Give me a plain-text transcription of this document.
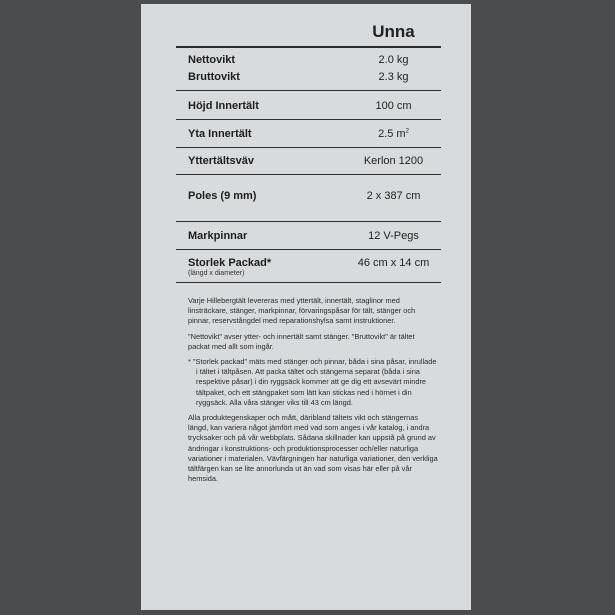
Unna
Nettovikt	2.0 kg
Bruttovikt	2.3 kg
Höjd Innertält	100 cm
Yta Innertält	2.5 $m^2$
Yttertältsväv	Kerlon 1200
Poles (9 mm)	2 x 387 cm
Markpinnar	12 V-Pegs
Storlek Packad*	46 cm x 14 cm
(längd x diameter)

Varje Hillebergtält levereras med yttertält, innertält, staglinor med linsträckare, stänger, markpinnar, förvaringspåsar för tält, stänger och pinnar, reservstångdel med reparationshylsa samt instruktioner.

"Nettovikt" avser ytter- och innertält samt stänger. "Bruttovikt" är tältet packat med allt som ingår.

* "Storlek packad" mäts med stänger och pinnar, båda i sina påsar, inrullade i tältet i tältpåsen. Att packa tältet och stängerna separat (båda i sina respektive påsar) i din ryggsäck kommer att ge dig ett avsevärt mindre tältpaket, och ett stängpaket som lätt kan stickas ned i hörnet i din ryggsäck. Alla våra stänger viks till 43 cm längd.

Alla produktegenskaper och mått, däribland tältets vikt och stängernas längd, kan variera något jämfört med vad som anges i vår katalog, i andra trycksaker och på vår webbplats. Sådana skillnader kan uppstå på grund av ändringar i konstruktions- och produktionsprocesser och/eller naturliga variationer i materialen. Vävfärgningen har naturliga variationer, den verkliga tältfärgen kan se lite annorlunda ut än vad som visas här eller på vår hemsida.
